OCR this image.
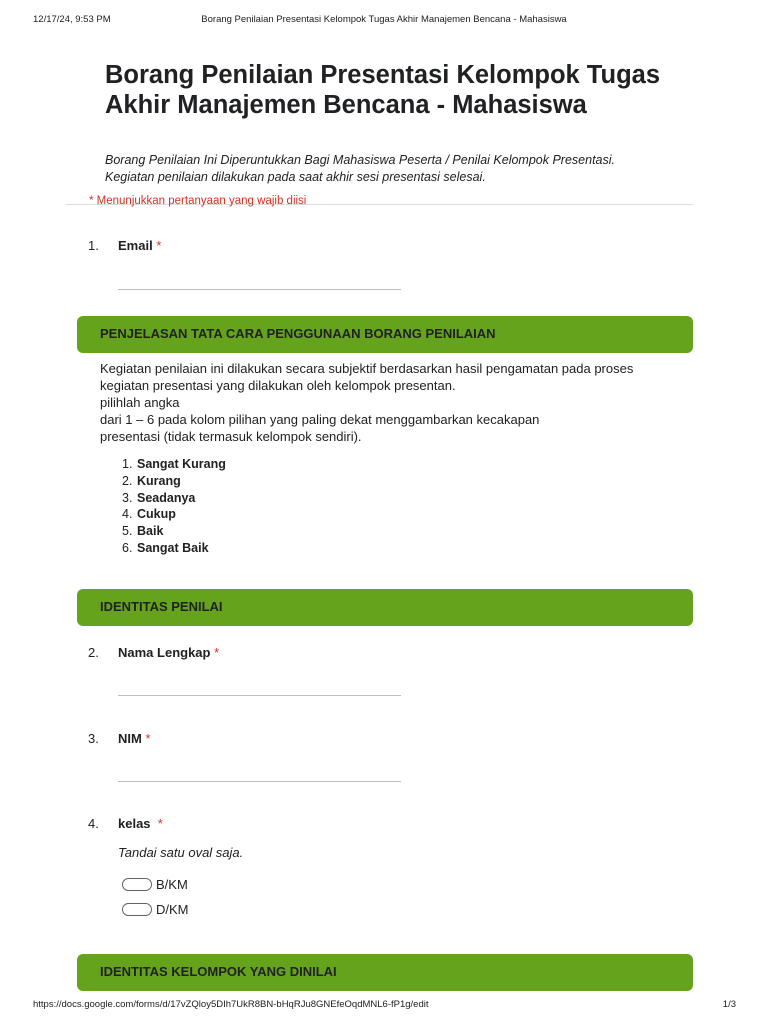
12/17/24, 9:53 PM	Borang Penilaian Presentasi Kelompok Tugas Akhir Manajemen Bencana - Mahasiswa
Borang Penilaian Presentasi Kelompok Tugas Akhir Manajemen Bencana - Mahasiswa
Borang Penilaian Ini Diperuntukkan Bagi Mahasiswa Peserta / Penilai Kelompok Presentasi.
Kegiatan penilaian dilakukan pada saat akhir sesi presentasi selesai.
* Menunjukkan pertanyaan yang wajib diisi
1. Email *
PENJELASAN TATA CARA PENGGUNAAN BORANG PENILAIAN
Kegiatan penilaian ini dilakukan secara subjektif berdasarkan hasil pengamatan pada proses
kegiatan presentasi yang dilakukan oleh kelompok presentan.
pilihlah angka
dari 1 – 6 pada kolom pilihan yang paling dekat menggambarkan kecakapan
presentasi (tidak termasuk kelompok sendiri).
1. Sangat Kurang
2. Kurang
3. Seadanya
4. Cukup
5. Baik
6. Sangat Baik
IDENTITAS PENILAI
2. Nama Lengkap *
3. NIM *
4. kelas *
Tandai satu oval saja.
B/KM
D/KM
IDENTITAS KELOMPOK YANG DINILAI
https://docs.google.com/forms/d/17vZQloy5DIh7UkR8BN-bHqRJu8GNEfeOqdMNL6-fP1g/edit	1/3
